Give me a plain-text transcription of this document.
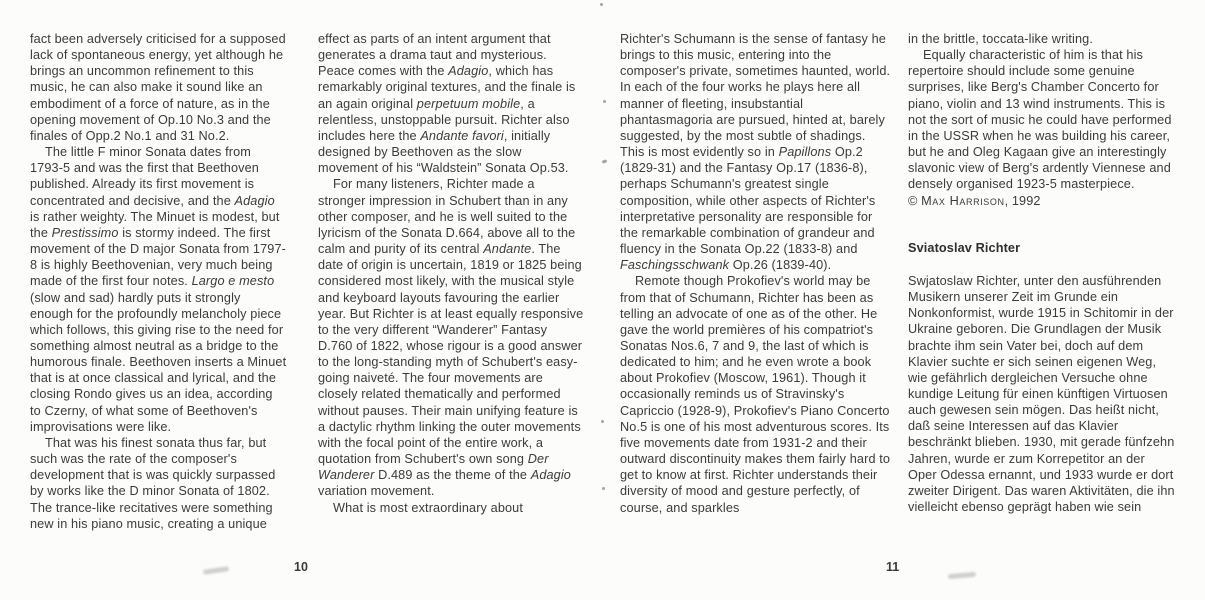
fact been adversely criticised for a supposed lack of spontaneous energy, yet although he brings an uncommon refinement to this music, he can also make it sound like an embodiment of a force of nature, as in the opening movement of Op.10 No.3 and the finales of Opp.2 No.1 and 31 No.2.

The little F minor Sonata dates from 1793-5 and was the first that Beethoven published. Already its first movement is concentrated and decisive, and the Adagio is rather weighty. The Minuet is modest, but the Prestissimo is stormy indeed. The first movement of the D major Sonata from 1797-8 is highly Beethovenian, very much being made of the first four notes. Largo e mesto (slow and sad) hardly puts it strongly enough for the profoundly melancholy piece which follows, this giving rise to the need for something almost neutral as a bridge to the humorous finale. Beethoven inserts a Minuet that is at once classical and lyrical, and the closing Rondo gives us an idea, according to Czerny, of what some of Beethoven's improvisations were like.

That was his finest sonata thus far, but such was the rate of the composer's development that is was quickly surpassed by works like the D minor Sonata of 1802. The trance-like recitatives were something new in his piano music, creating a unique

effect as parts of an intent argument that generates a drama taut and mysterious. Peace comes with the Adagio, which has remarkably original textures, and the finale is an again original perpetuum mobile, a relentless, unstoppable pursuit. Richter also includes here the Andante favori, initially designed by Beethoven as the slow movement of his “Waldstein” Sonata Op.53.

For many listeners, Richter made a stronger impression in Schubert than in any other composer, and he is well suited to the lyricism of the Sonata D.664, above all to the calm and purity of its central Andante. The date of origin is uncertain, 1819 or 1825 being considered most likely, with the musical style and keyboard layouts favouring the earlier year. But Richter is at least equally responsive to the very different “Wanderer” Fantasy D.760 of 1822, whose rigour is a good answer to the long-standing myth of Schubert's easy-going naiveté. The four movements are closely related thematically and performed without pauses. Their main unifying feature is a dactylic rhythm linking the outer movements with the focal point of the entire work, a quotation from Schubert's own song Der Wanderer D.489 as the theme of the Adagio variation movement.

What is most extraordinary about

Richter's Schumann is the sense of fantasy he brings to this music, entering into the composer's private, sometimes haunted, world. In each of the four works he plays here all manner of fleeting, insubstantial phantasmagoria are pursued, hinted at, barely suggested, by the most subtle of shadings. This is most evidently so in Papillons Op.2 (1829-31) and the Fantasy Op.17 (1836-8), perhaps Schumann's greatest single composition, while other aspects of Richter's interpretative personality are responsible for the remarkable combination of grandeur and fluency in the Sonata Op.22 (1833-8) and Faschingsschwank Op.26 (1839-40).

Remote though Prokofiev's world may be from that of Schumann, Richter has been as telling an advocate of one as of the other. He gave the world premières of his compatriot's Sonatas Nos.6, 7 and 9, the last of which is dedicated to him; and he even wrote a book about Prokofiev (Moscow, 1961). Though it occasionally reminds us of Stravinsky's Capriccio (1928-9), Prokofiev's Piano Concerto No.5 is one of his most adventurous scores. Its five movements date from 1931-2 and their outward discontinuity makes them fairly hard to get to know at first. Richter understands their diversity of mood and gesture perfectly, of course, and sparkles

in the brittle, toccata-like writing.

Equally characteristic of him is that his repertoire should include some genuine surprises, like Berg's Chamber Concerto for piano, violin and 13 wind instruments. This is not the sort of music he could have performed in the USSR when he was building his career, but he and Oleg Kagaan give an interestingly slavonic view of Berg's ardently Viennese and densely organised 1923-5 masterpiece.

© Max Harrison, 1992

Sviatoslav Richter

Swjatoslaw Richter, unter den ausführenden Musikern unserer Zeit im Grunde ein Nonkonformist, wurde 1915 in Schitomir in der Ukraine geboren. Die Grundlagen der Musik brachte ihm sein Vater bei, doch auf dem Klavier suchte er sich seinen eigenen Weg, wie gefährlich dergleichen Versuche ohne kundige Leitung für einen künftigen Virtuosen auch gewesen sein mögen. Das heißt nicht, daß seine Interessen auf das Klavier beschränkt blieben. 1930, mit gerade fünfzehn Jahren, wurde er zum Korrepetitor an der Oper Odessa ernannt, und 1933 wurde er dort zweiter Dirigent. Das waren Aktivitäten, die ihn vielleicht ebenso geprägt haben wie sein

10	11
